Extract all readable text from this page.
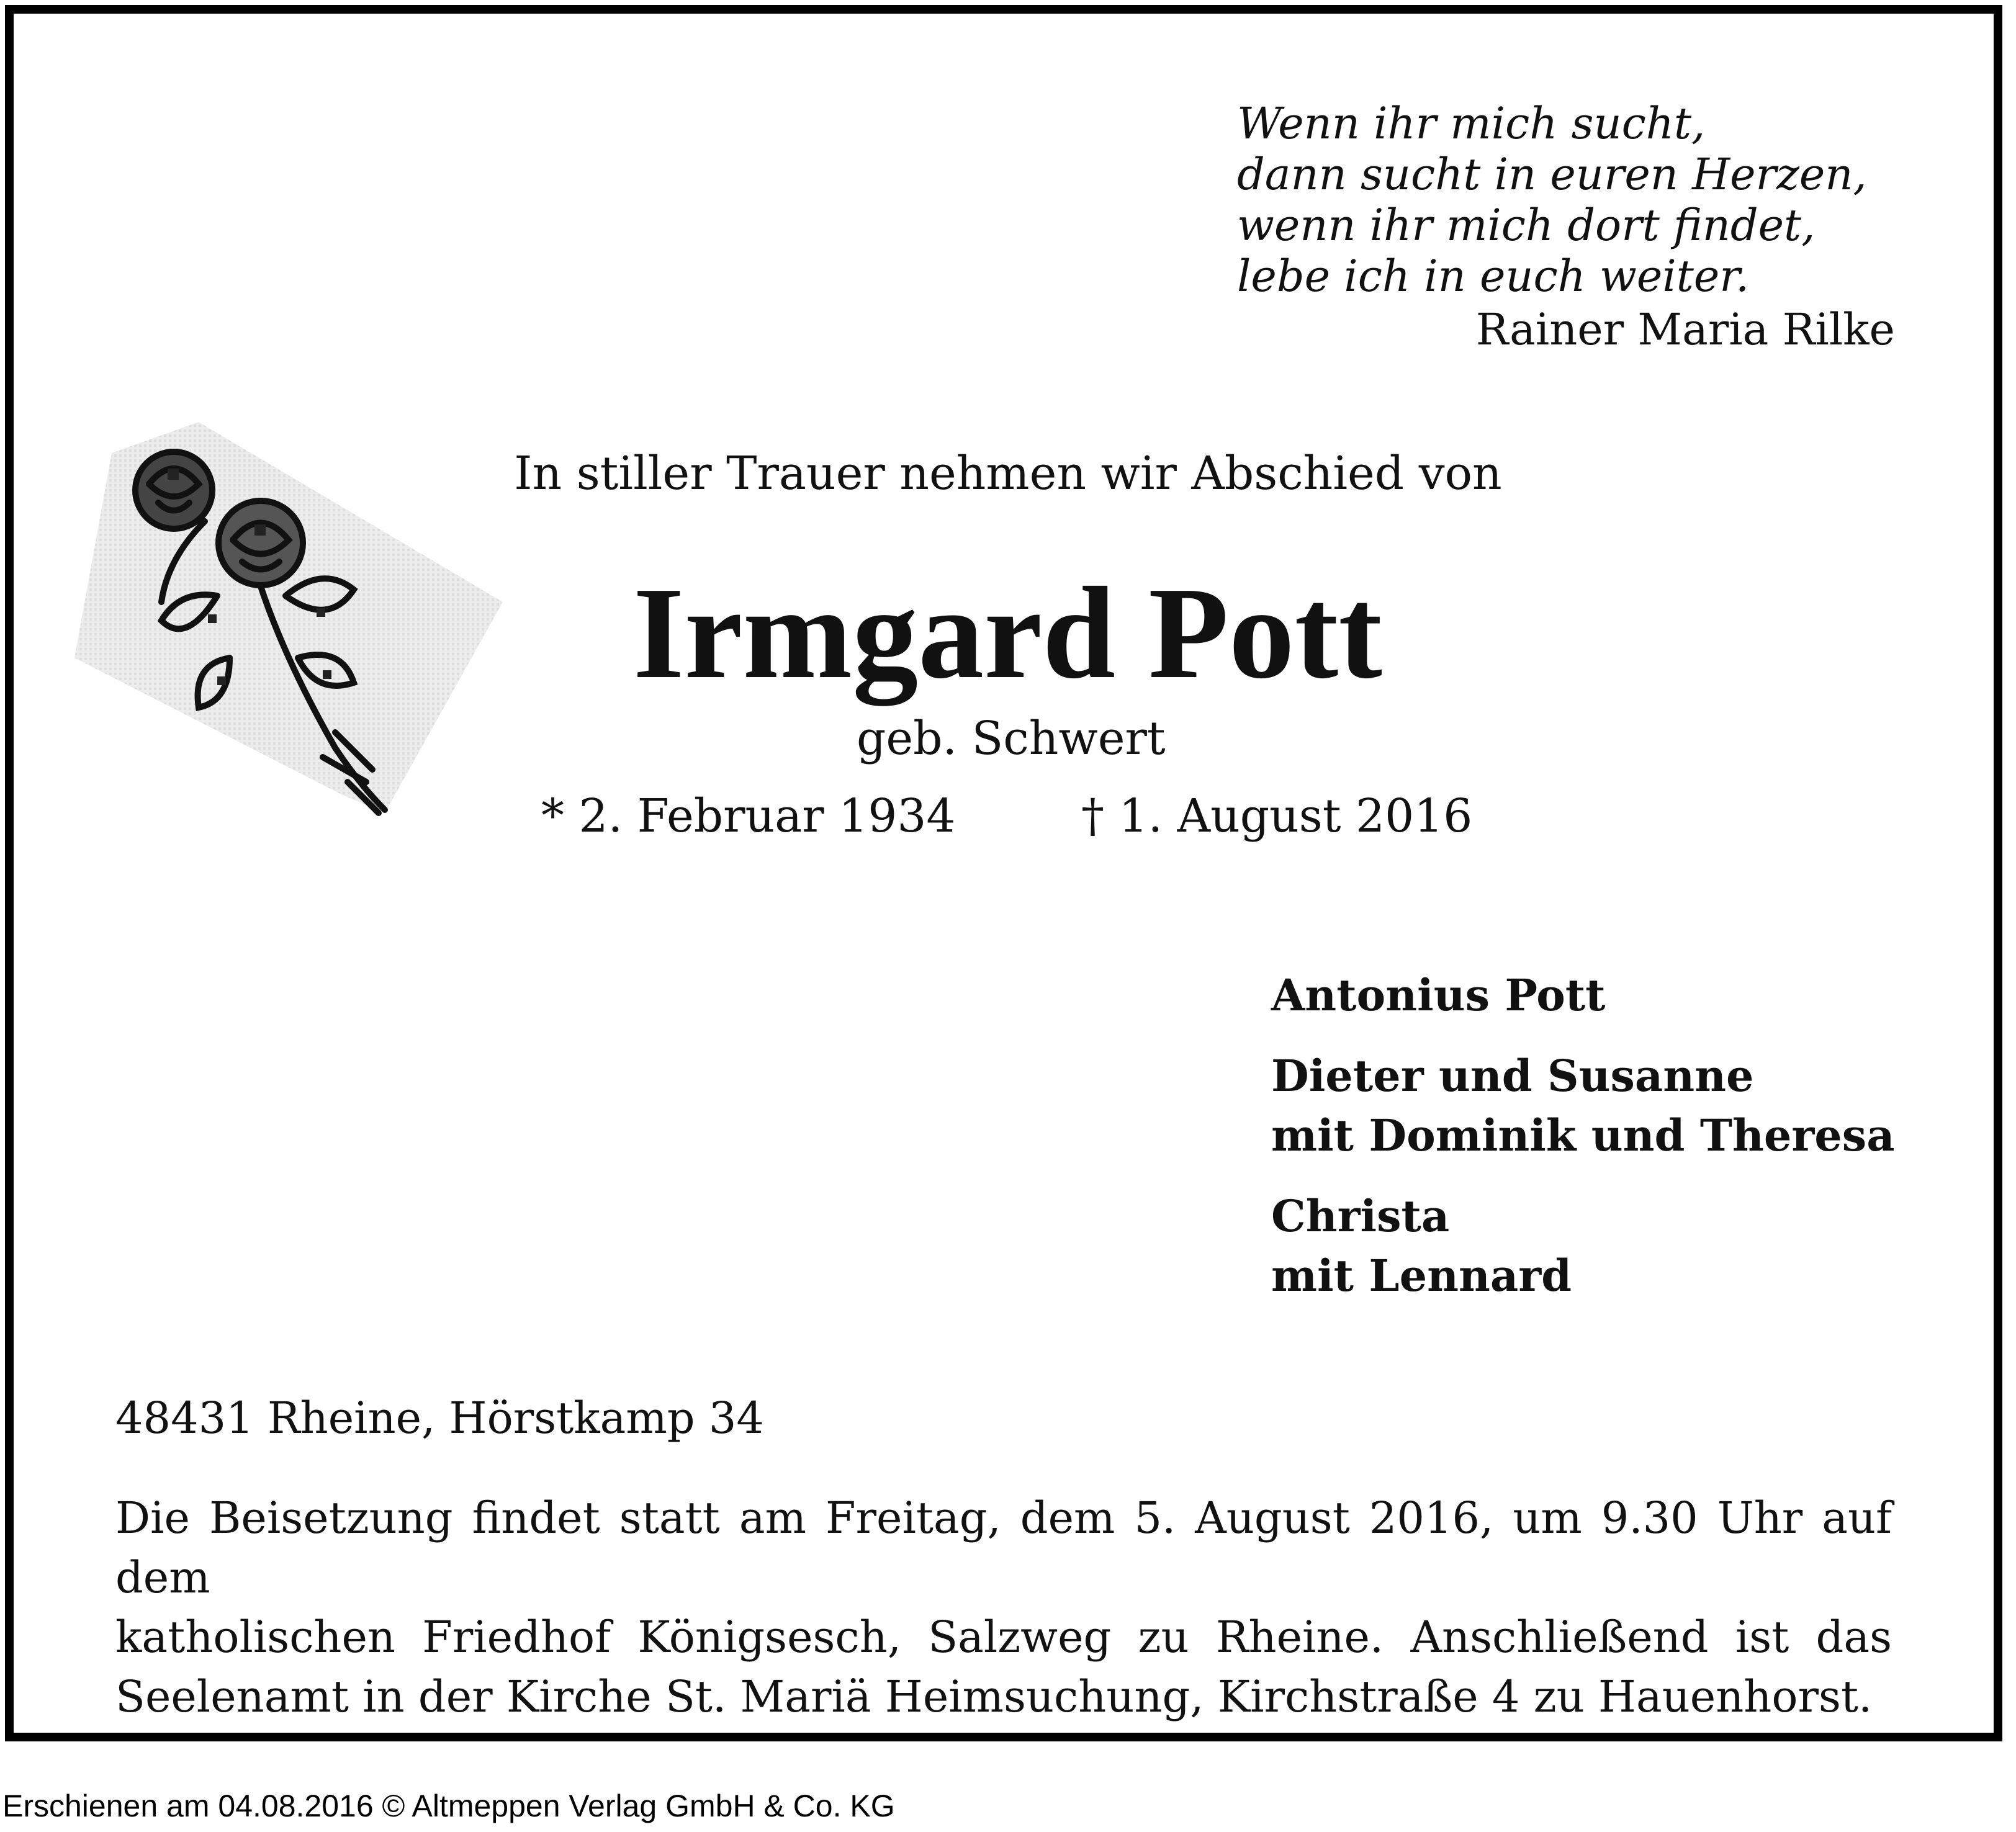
Wenn ihr mich sucht,
dann sucht in euren Herzen,
wenn ihr mich dort findet,
lebe ich in euch weiter.
Rainer Maria Rilke
In stiller Trauer nehmen wir Abschied von
Irmgard Pott
geb. Schwert
* 2. Februar 1934	† 1. August 2016
Antonius Pott
Dieter und Susanne
mit Dominik und Theresa
Christa
mit Lennard
48431 Rheine, Hörstkamp 34
Die Beisetzung findet statt am Freitag, dem 5. August 2016, um 9.30 Uhr auf dem
katholischen Friedhof Königsesch, Salzweg zu Rheine. Anschließend ist das
Seelenamt in der Kirche St. Mariä Heimsuchung, Kirchstraße 4 zu Hauenhorst.
Erschienen am 04.08.2016 © Altmeppen Verlag GmbH & Co. KG
